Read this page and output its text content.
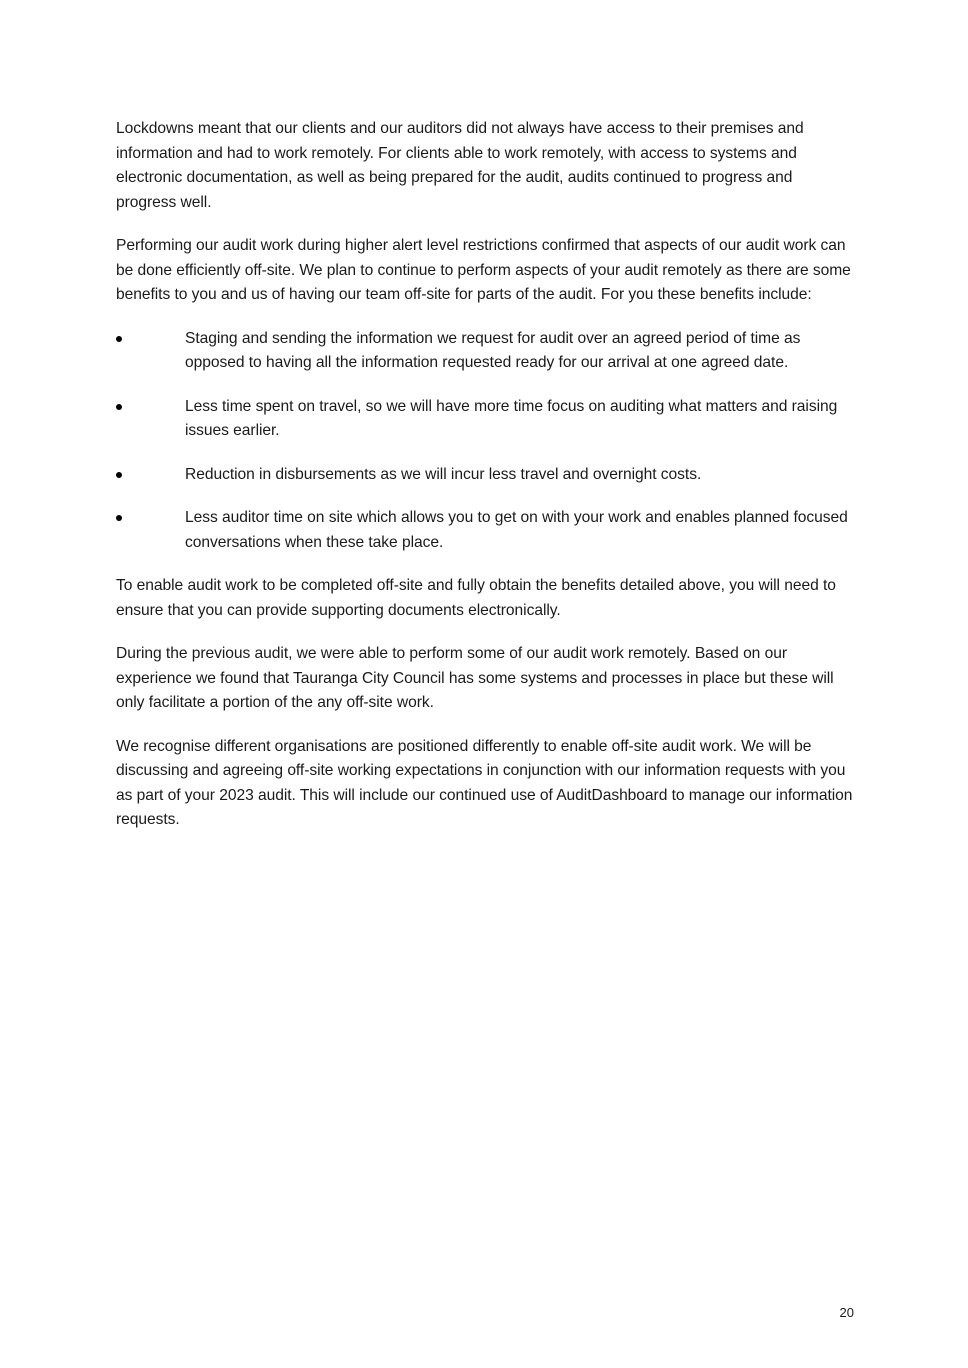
Lockdowns meant that our clients and our auditors did not always have access to their premises and information and had to work remotely. For clients able to work remotely, with access to systems and electronic documentation, as well as being prepared for the audit, audits continued to progress and progress well.

Performing our audit work during higher alert level restrictions confirmed that aspects of our audit work can be done efficiently off-site. We plan to continue to perform aspects of your audit remotely as there are some benefits to you and us of having our team off-site for parts of the audit. For you these benefits include:

Staging and sending the information we request for audit over an agreed period of time as opposed to having all the information requested ready for our arrival at one agreed date.
Less time spent on travel, so we will have more time focus on auditing what matters and raising issues earlier.
Reduction in disbursements as we will incur less travel and overnight costs.
Less auditor time on site which allows you to get on with your work and enables planned focused conversations when these take place.

To enable audit work to be completed off-site and fully obtain the benefits detailed above, you will need to ensure that you can provide supporting documents electronically.

During the previous audit, we were able to perform some of our audit work remotely. Based on our experience we found that Tauranga City Council has some systems and processes in place but these will only facilitate a portion of the any off-site work.

We recognise different organisations are positioned differently to enable off-site audit work. We will be discussing and agreeing off-site working expectations in conjunction with our information requests with you as part of your 2023 audit. This will include our continued use of AuditDashboard to manage our information requests.

20
